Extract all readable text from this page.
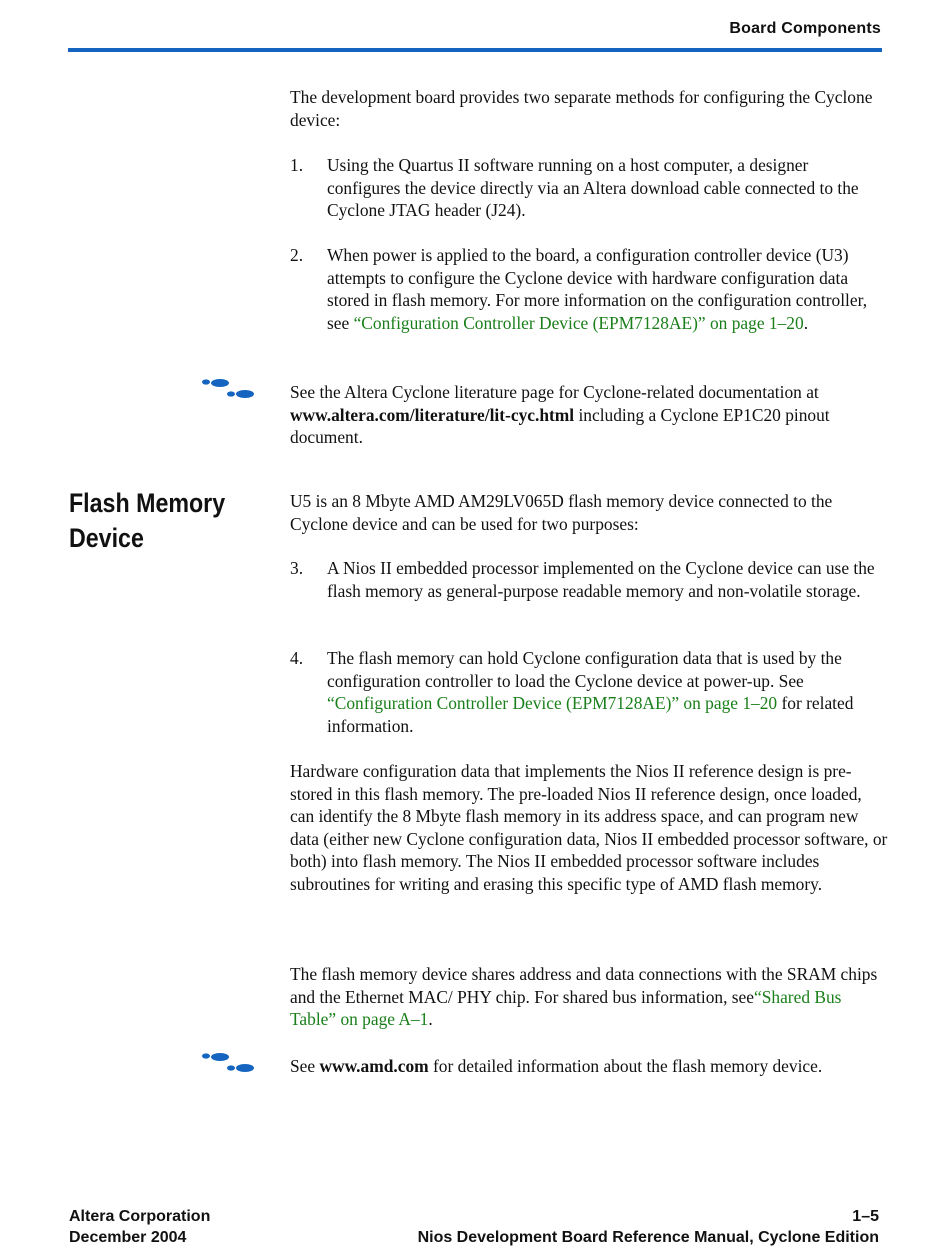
Board Components
The development board provides two separate methods for configuring the Cyclone device:
1. Using the Quartus II software running on a host computer, a designer configures the device directly via an Altera download cable connected to the Cyclone JTAG header (J24).
2. When power is applied to the board, a configuration controller device (U3) attempts to configure the Cyclone device with hardware configuration data stored in flash memory. For more information on the configuration controller, see “Configuration Controller Device (EPM7128AE)” on page 1–20.
See the Altera Cyclone literature page for Cyclone-related documentation at www.altera.com/literature/lit-cyc.html including a Cyclone EP1C20 pinout document.
Flash Memory Device
U5 is an 8 Mbyte AMD AM29LV065D flash memory device connected to the Cyclone device and can be used for two purposes:
3. A Nios II embedded processor implemented on the Cyclone device can use the flash memory as general-purpose readable memory and non-volatile storage.
4. The flash memory can hold Cyclone configuration data that is used by the configuration controller to load the Cyclone device at power-up. See “Configuration Controller Device (EPM7128AE)” on page 1–20 for related information.
Hardware configuration data that implements the Nios II reference design is pre-stored in this flash memory. The pre-loaded Nios II reference design, once loaded, can identify the 8 Mbyte flash memory in its address space, and can program new data (either new Cyclone configuration data, Nios II embedded processor software, or both) into flash memory. The Nios II embedded processor software includes subroutines for writing and erasing this specific type of AMD flash memory.
The flash memory device shares address and data connections with the SRAM chips and the Ethernet MAC/ PHY chip. For shared bus information, see“Shared Bus Table” on page A–1.
See www.amd.com for detailed information about the flash memory device.
Altera Corporation
December 2004
1–5
Nios Development Board Reference Manual, Cyclone Edition
